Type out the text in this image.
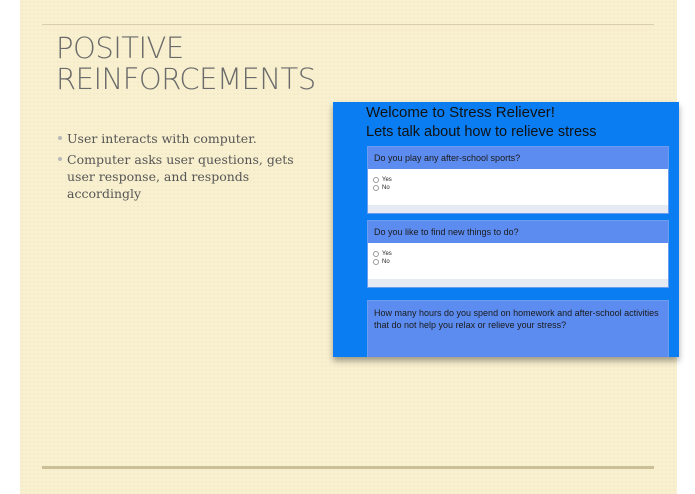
POSITIVE
REINFORCEMENTS
User interacts with computer.
Computer asks user questions, gets user response, and responds accordingly
Welcome to Stress Reliever!
Lets talk about how to relieve stress
Do you play any after-school sports?
Yes
No
Do you like to find new things to do?
Yes
No
How many hours do you spend on homework and after-school activities that do not help you relax or relieve your stress?
